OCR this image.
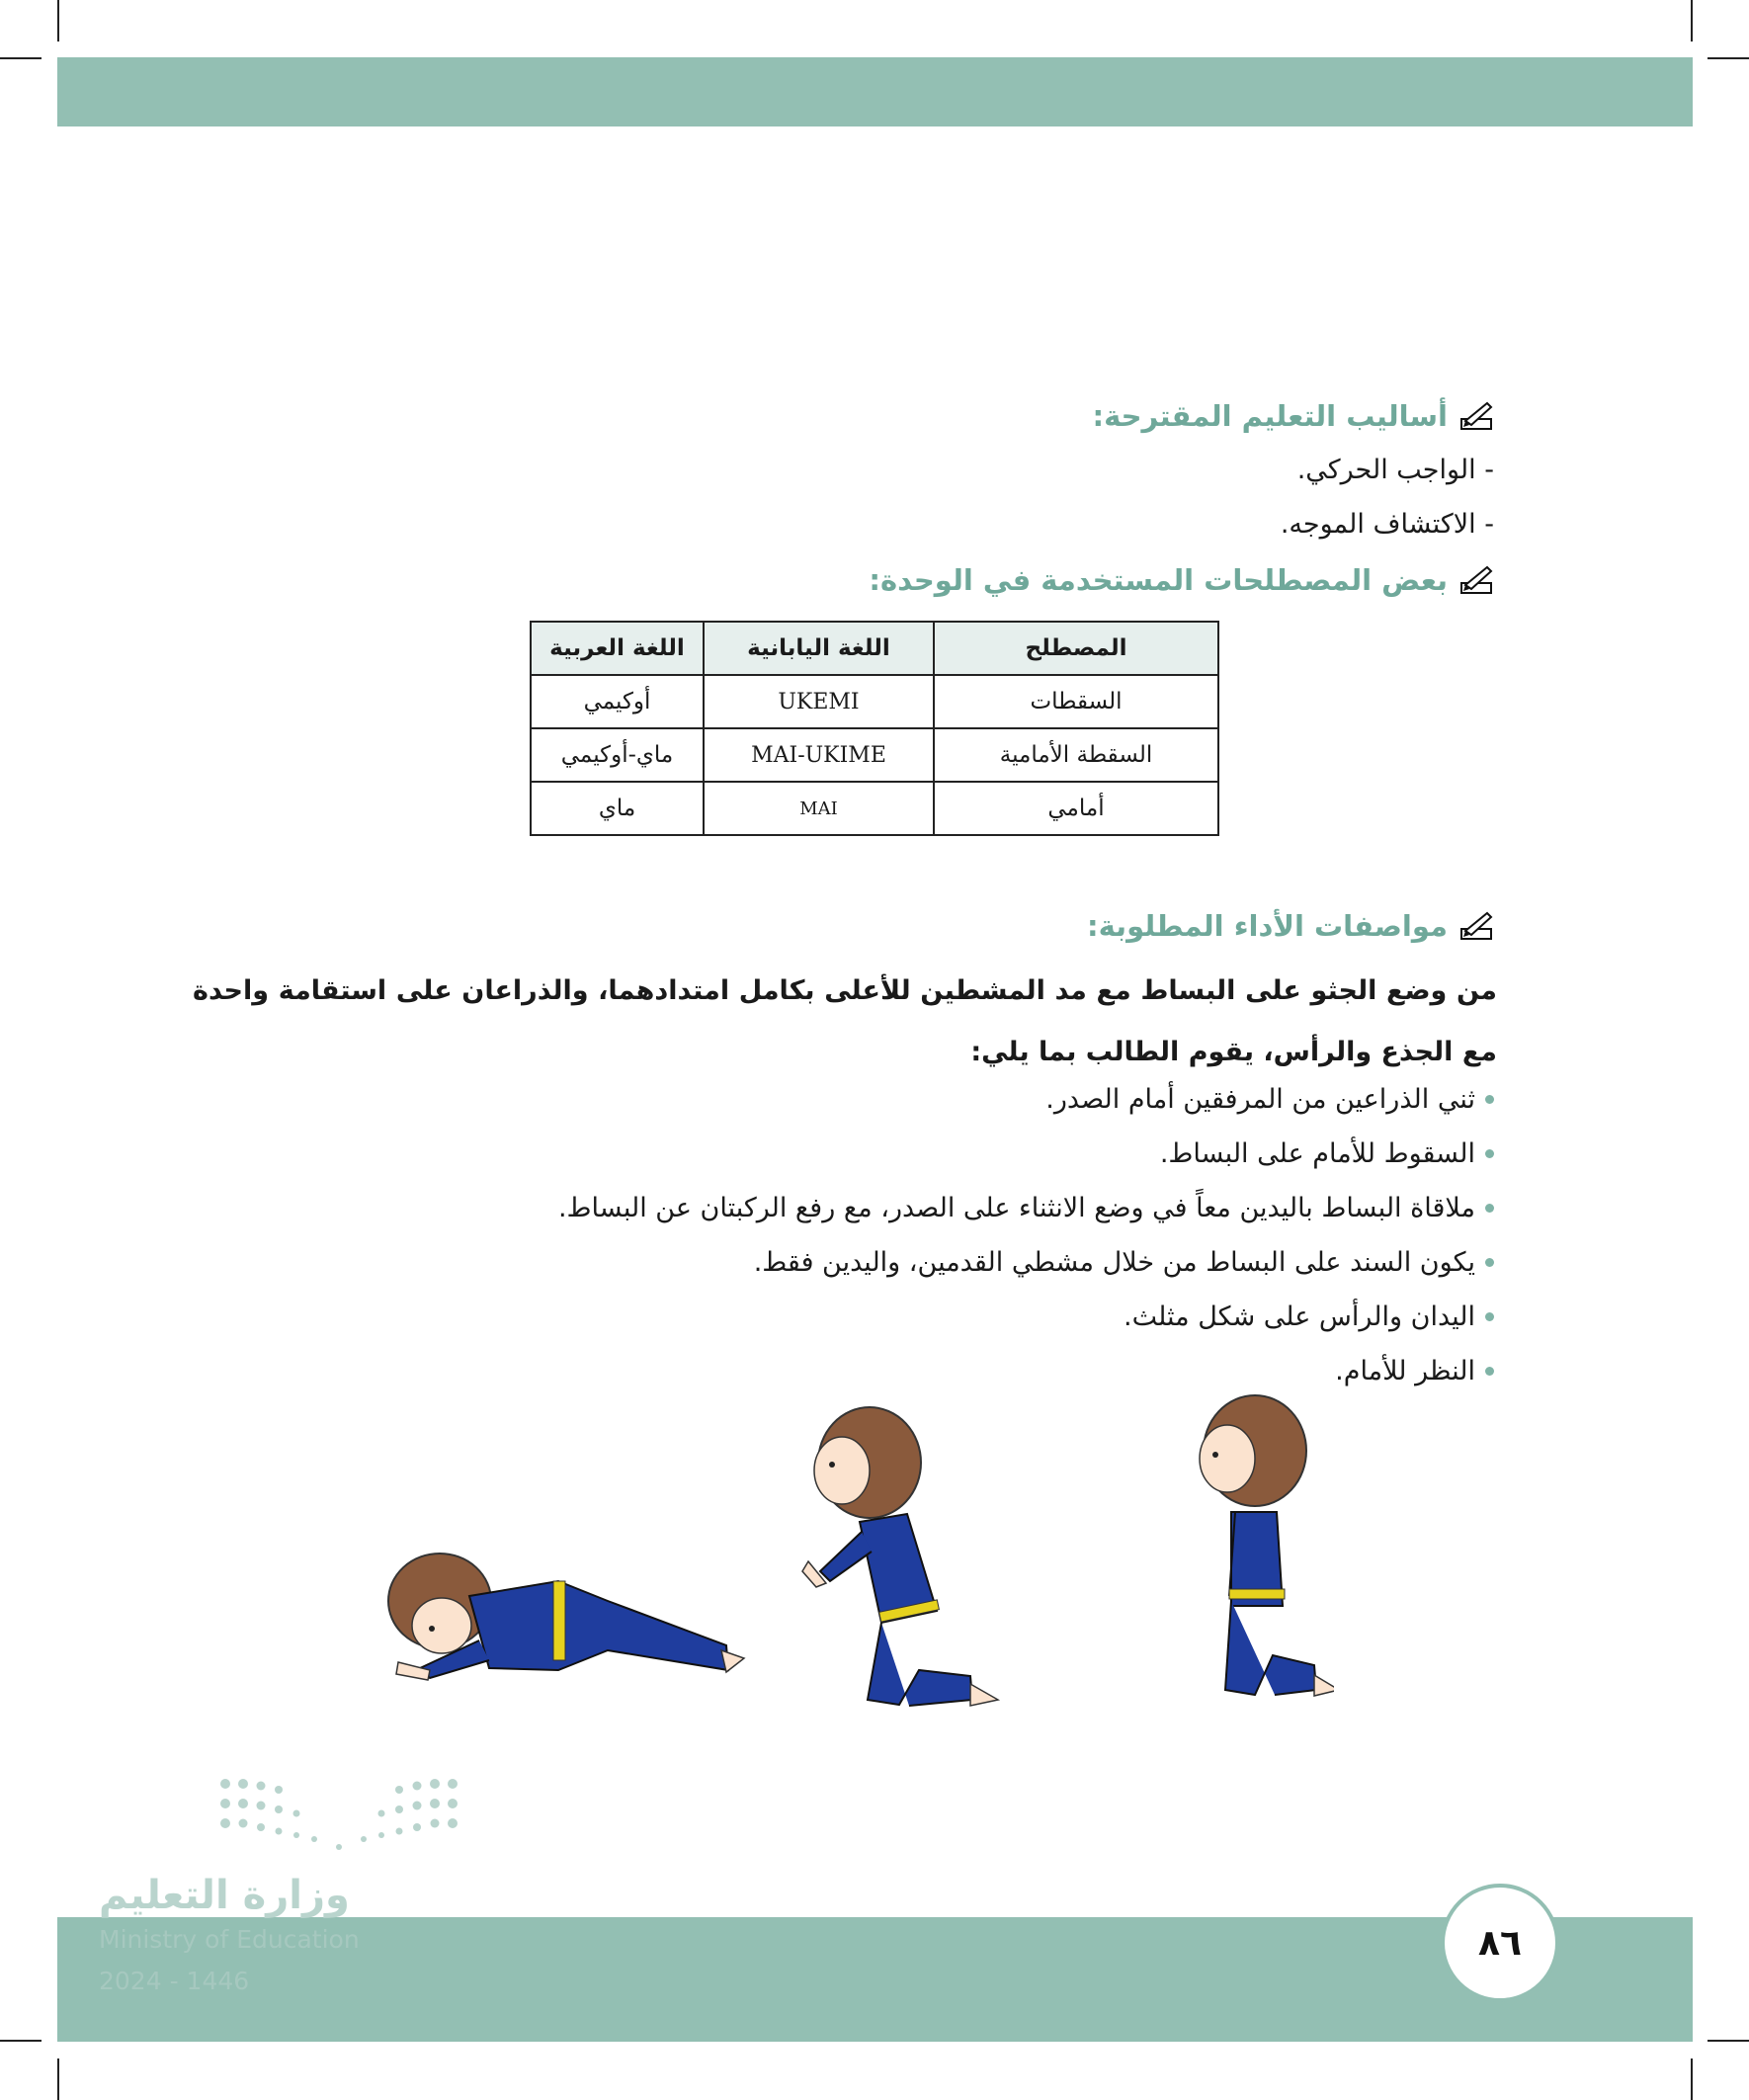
أساليب التعليم المقترحة:
- الواجب الحركي.
- الاكتشاف الموجه.
بعض المصطلحات المستخدمة في الوحدة:
المصطلح	اللغة اليابانية	اللغة العربية
السقطات	UKEMI	أوكيمي
السقطة الأمامية	MAI-UKIME	ماي-أوكيمي
أمامي	MAI	ماي
مواصفات الأداء المطلوبة:
من وضع الجثو على البساط مع مد المشطين للأعلى بكامل امتدادهما، والذراعان على استقامة واحدة مع الجذع والرأس، يقوم الطالب بما يلي:
ثني الذراعين من المرفقين أمام الصدر.
السقوط للأمام على البساط.
ملاقاة البساط باليدين معاً في وضع الانثناء على الصدر، مع رفع الركبتان عن البساط.
يكون السند على البساط من خلال مشطي القدمين، واليدين فقط.
اليدان والرأس على شكل مثلث.
النظر للأمام.
وزارة التعليم
Ministry of Education
2024 - 1446
٨٦
